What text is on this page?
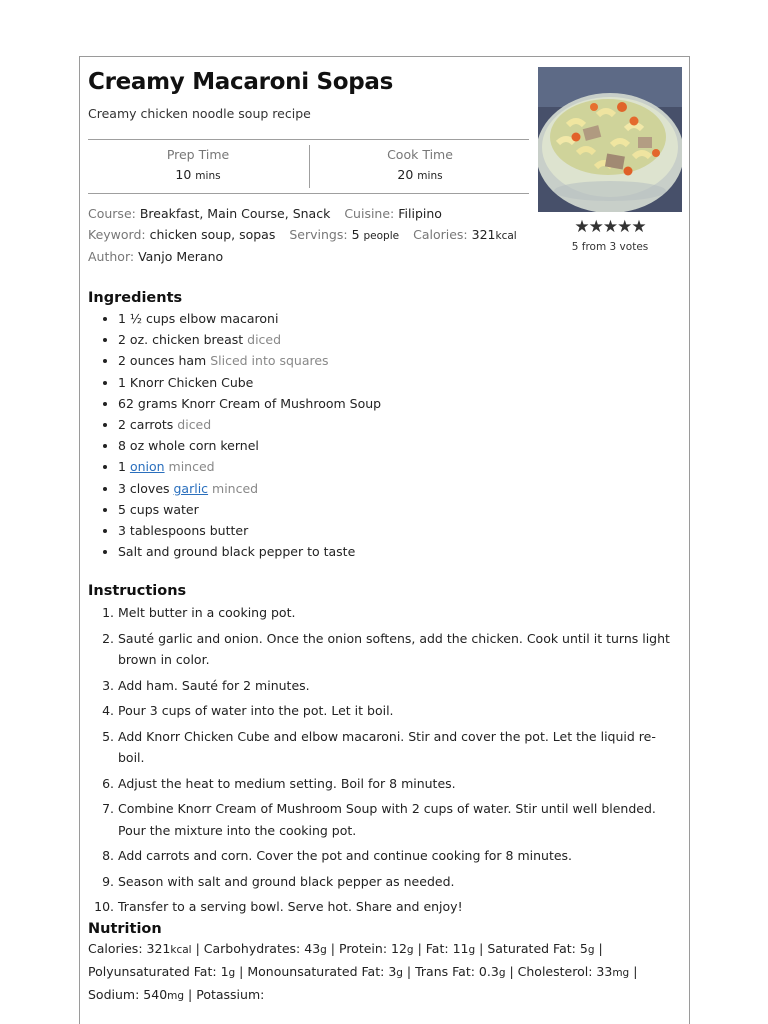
Creamy Macaroni Sopas
Creamy chicken noodle soup recipe
Prep Time
10 mins
Cook Time
20 mins
Course: Breakfast, Main Course, Snack Cuisine: Filipino
Keyword: chicken soup, sopas Servings: 5 people Calories: 321kcal
Author: Vanjo Merano
★★★★★
5 from 3 votes
Ingredients
• 1 ½ cups elbow macaroni
• 2 oz. chicken breast diced
• 2 ounces ham Sliced into squares
• 1 Knorr Chicken Cube
• 62 grams Knorr Cream of Mushroom Soup
• 2 carrots diced
• 8 oz whole corn kernel
• 1 onion minced
• 3 cloves garlic minced
• 5 cups water
• 3 tablespoons butter
• Salt and ground black pepper to taste
Instructions
1. Melt butter in a cooking pot.
2. Sauté garlic and onion. Once the onion softens, add the chicken. Cook until it turns light brown in color.
3. Add ham. Sauté for 2 minutes.
4. Pour 3 cups of water into the pot. Let it boil.
5. Add Knorr Chicken Cube and elbow macaroni. Stir and cover the pot. Let the liquid re-boil.
6. Adjust the heat to medium setting. Boil for 8 minutes.
7. Combine Knorr Cream of Mushroom Soup with 2 cups of water. Stir until well blended. Pour the mixture into the cooking pot.
8. Add carrots and corn. Cover the pot and continue cooking for 8 minutes.
9. Season with salt and ground black pepper as needed.
10. Transfer to a serving bowl. Serve hot. Share and enjoy!
Nutrition
Calories: 321kcal | Carbohydrates: 43g | Protein: 12g | Fat: 11g | Saturated Fat: 5g | Polyunsaturated Fat: 1g | Monounsaturated Fat: 3g | Trans Fat: 0.3g | Cholesterol: 33mg | Sodium: 540mg | Potassium:
